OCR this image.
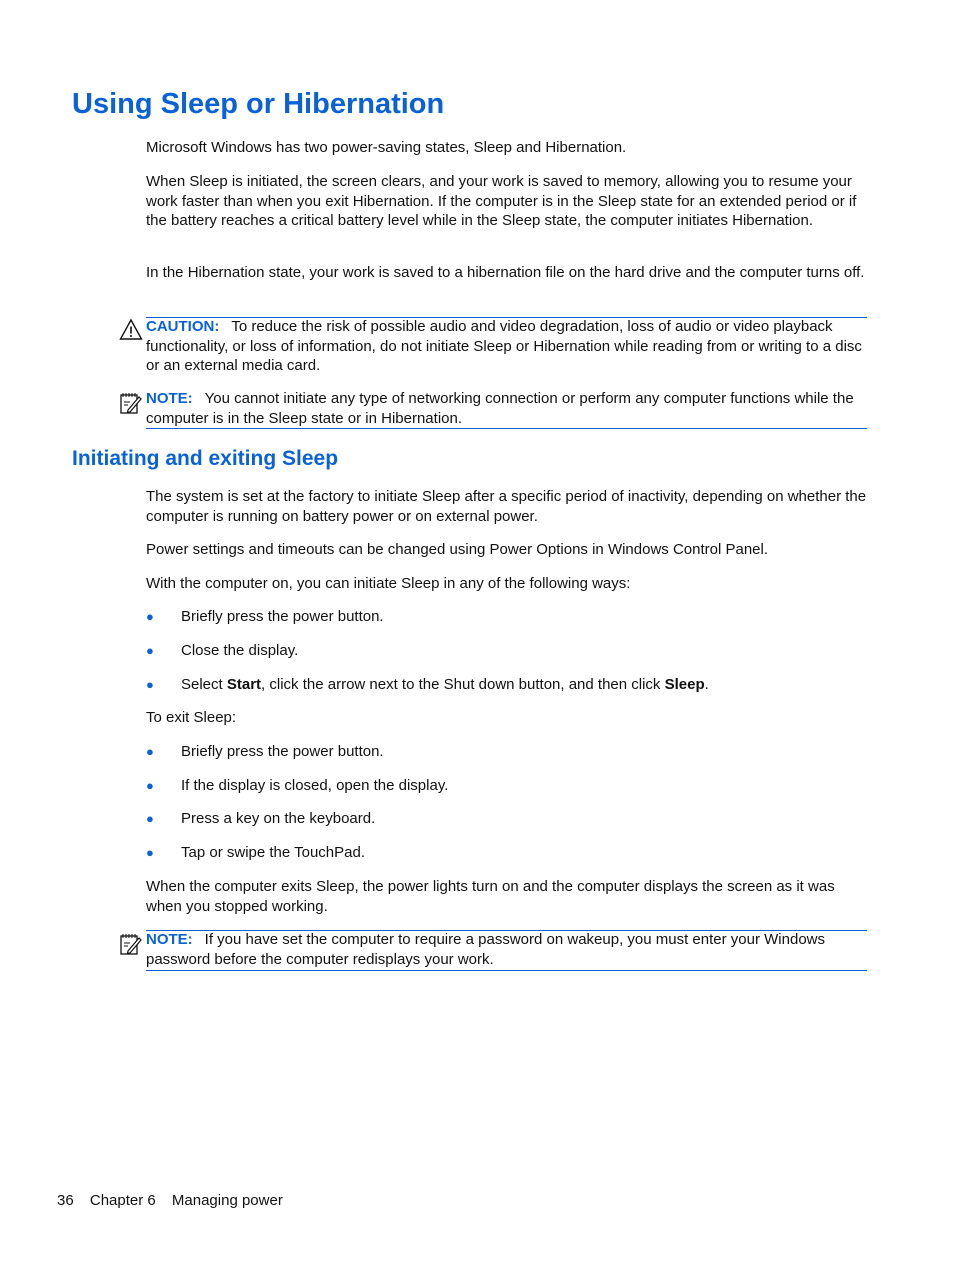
Using Sleep or Hibernation

Microsoft Windows has two power-saving states, Sleep and Hibernation.

When Sleep is initiated, the screen clears, and your work is saved to memory, allowing you to resume your work faster than when you exit Hibernation. If the computer is in the Sleep state for an extended period or if the battery reaches a critical battery level while in the Sleep state, the computer initiates Hibernation.

In the Hibernation state, your work is saved to a hibernation file on the hard drive and the computer turns off.

CAUTION: To reduce the risk of possible audio and video degradation, loss of audio or video playback functionality, or loss of information, do not initiate Sleep or Hibernation while reading from or writing to a disc or an external media card.

NOTE: You cannot initiate any type of networking connection or perform any computer functions while the computer is in the Sleep state or in Hibernation.

Initiating and exiting Sleep

The system is set at the factory to initiate Sleep after a specific period of inactivity, depending on whether the computer is running on battery power or on external power.

Power settings and timeouts can be changed using Power Options in Windows Control Panel.

With the computer on, you can initiate Sleep in any of the following ways:

● Briefly press the power button.
● Close the display.
● Select Start, click the arrow next to the Shut down button, and then click Sleep.

To exit Sleep:

● Briefly press the power button.
● If the display is closed, open the display.
● Press a key on the keyboard.
● Tap or swipe the TouchPad.

When the computer exits Sleep, the power lights turn on and the computer displays the screen as it was when you stopped working.

NOTE: If you have set the computer to require a password on wakeup, you must enter your Windows password before the computer redisplays your work.

36 Chapter 6 Managing power
